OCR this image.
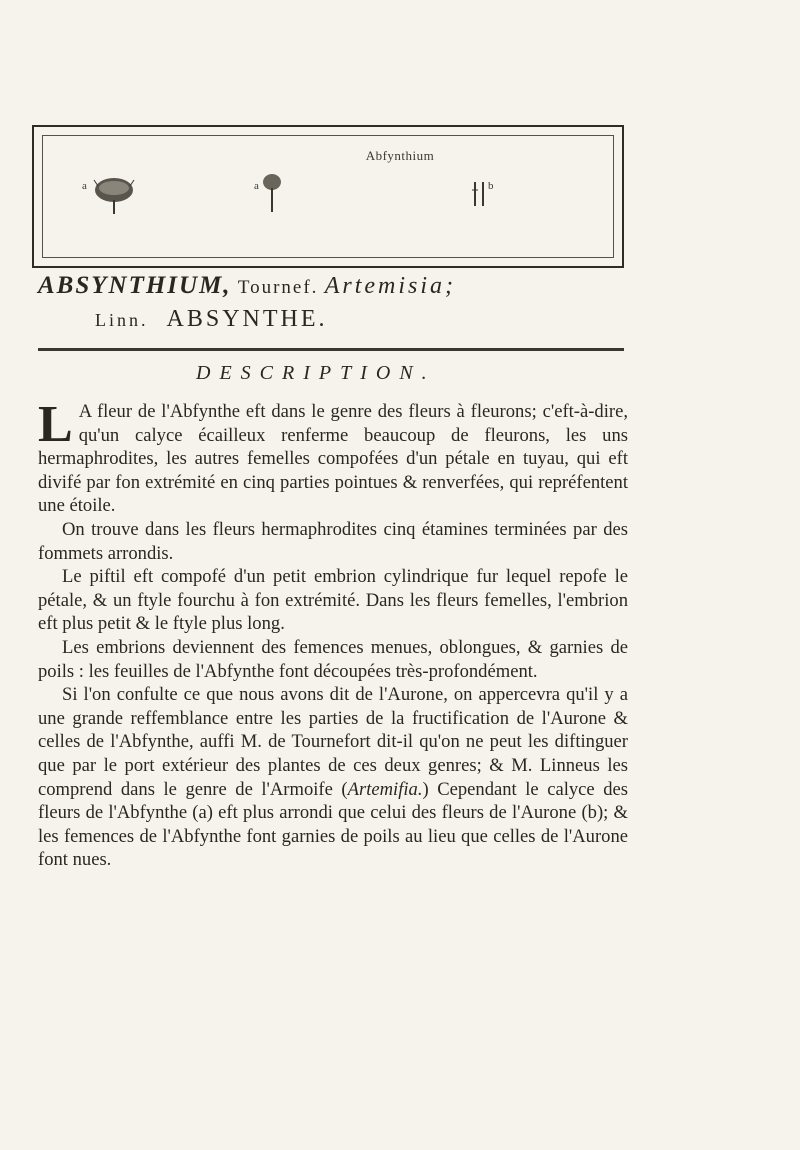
Abfynthium
a	a	b
ABSYNTHIUM, Tournef. Artemisia;
Linn. ABSYNTHE.
DESCRIPTION.

L A fleur de l'Abfynthe eft dans le genre des fleurs à fleurons; c'eft-à-dire, qu'un calyce écailleux renferme beaucoup de fleurons, les uns hermaphrodites, les autres femelles compofées d'un pétale en tuyau, qui eft divifé par fon extrémité en cinq parties pointues & renverfées, qui repréfentent une étoile.

On trouve dans les fleurs hermaphrodites cinq étamines terminées par des fommets arrondis.

Le piftil eft compofé d'un petit embrion cylindrique fur lequel repofe le pétale, & un ftyle fourchu à fon extrémité. Dans les fleurs femelles, l'embrion eft plus petit & le ftyle plus long.

Les embrions deviennent des femences menues, oblongues, & garnies de poils : les feuilles de l'Abfynthe font découpées très-profondément.

Si l'on confulte ce que nous avons dit de l'Aurone, on appercevra qu'il y a une grande reffemblance entre les parties de la fructification de l'Aurone & celles de l'Abfynthe, auffi M. de Tournefort dit-il qu'on ne peut les diftinguer que par le port extérieur des plantes de ces deux genres; & M. Linneus les comprend dans le genre de l'Armoife (Artemifia.) Cependant le calyce des fleurs de l'Abfynthe (a) eft plus arrondi que celui des fleurs de l'Aurone (b); & les femences de l'Abfynthe font garnies de poils au lieu que celles de l'Aurone font nues.
